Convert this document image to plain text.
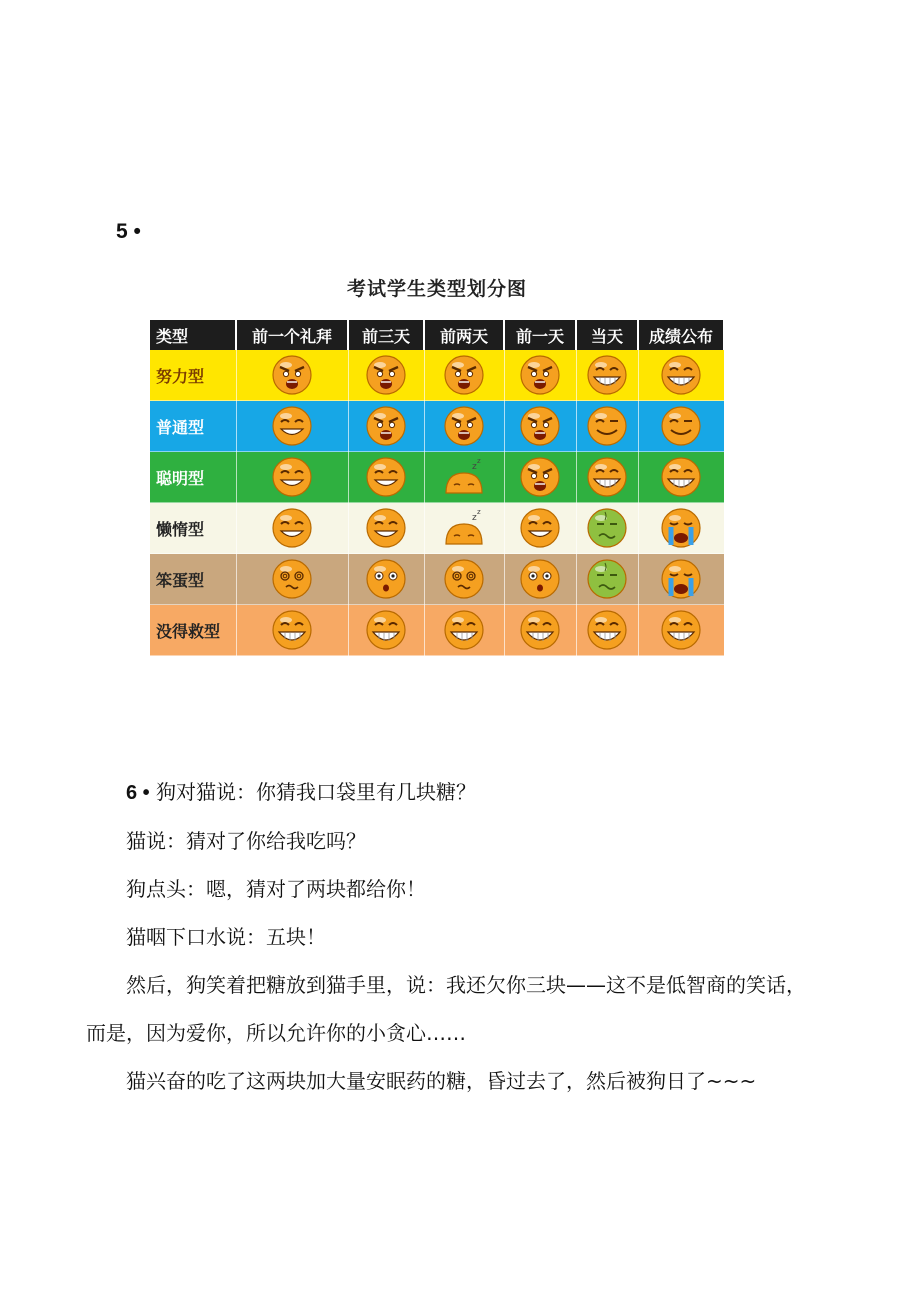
5 •
考试学生类型划分图
类型	前一个礼拜	前三天	前两天	前一天	当天	成绩公布
努力型						
普通型						
聪明型			z
z

懒惰型			z
z

笨蛋型						
没得救型						

6 • 狗对猫说：你猜我口袋里有几块糖？

猫说：猜对了你给我吃吗？

狗点头：嗯，猜对了两块都给你！

猫咽下口水说：五块！

然后，狗笑着把糖放到猫手里，说：我还欠你三块——这不是低智商的笑话，而是，因为爱你，所以允许你的小贪心……

猫兴奋的吃了这两块加大量安眠药的糖，昏过去了，然后被狗日了~~~
